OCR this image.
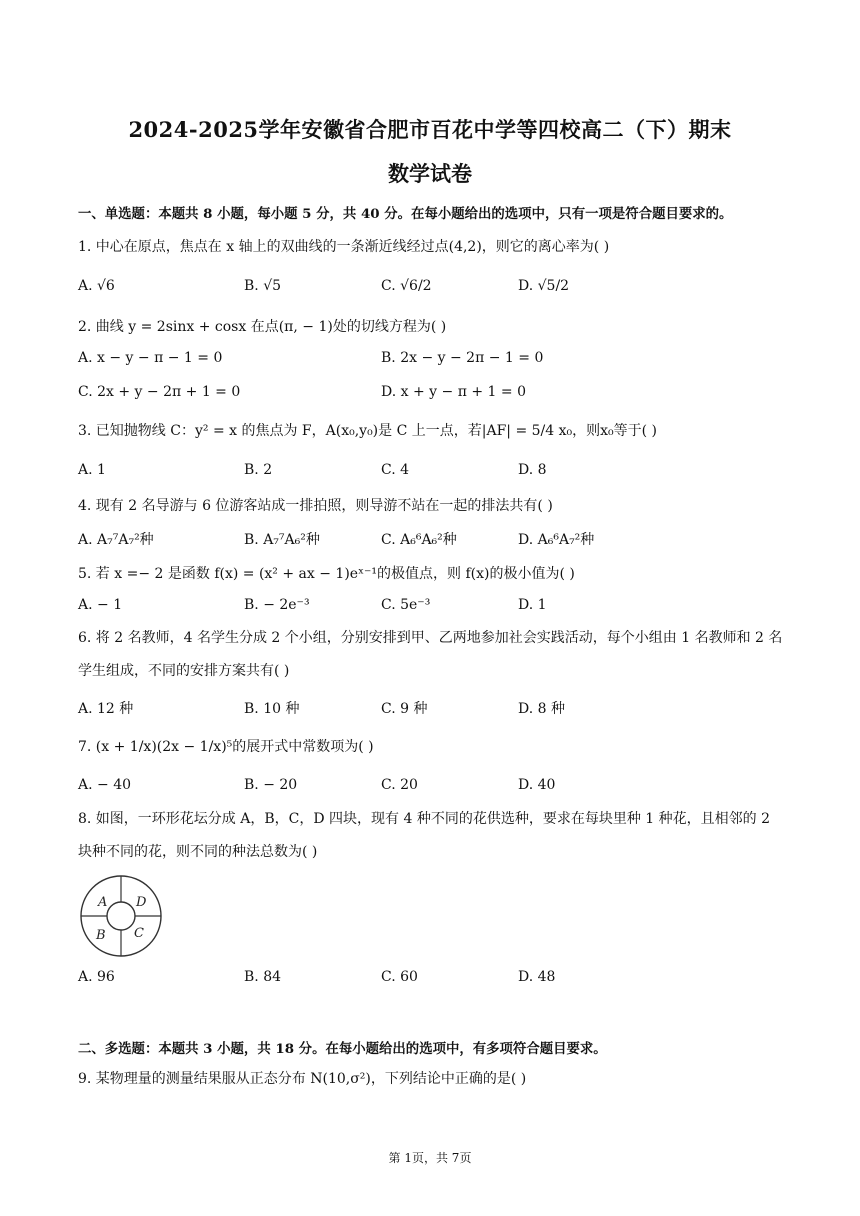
2024-2025学年安徽省合肥市百花中学等四校高二（下）期末
数学试卷
一、单选题：本题共 8 小题，每小题 5 分，共 40 分。在每小题给出的选项中，只有一项是符合题目要求的。
1. 中心在原点，焦点在 x 轴上的双曲线的一条渐近线经过点(4,2)，则它的离心率为( )
A. √6	B. √5	C. √6/2	D. √5/2
2. 曲线 y = 2sinx + cosx 在点(π, − 1)处的切线方程为( )
A. x − y − π − 1 = 0	B. 2x − y − 2π − 1 = 0
C. 2x + y − 2π + 1 = 0	D. x + y − π + 1 = 0
3. 已知抛物线 C：y² = x 的焦点为 F，A(x₀,y₀)是 C 上一点，若|AF| = 5/4 x₀，则x₀等于( )
A. 1	B. 2	C. 4	D. 8
4. 现有 2 名导游与 6 位游客站成一排拍照，则导游不站在一起的排法共有( )
A. A₇⁷A₇²种	B. A₇⁷A₆²种	C. A₆⁶A₆²种	D. A₆⁶A₇²种
5. 若 x =− 2 是函数 f(x) = (x² + ax − 1)eˣ⁻¹的极值点，则 f(x)的极小值为( )
A. − 1	B. − 2e⁻³	C. 5e⁻³	D. 1
6. 将 2 名教师，4 名学生分成 2 个小组，分别安排到甲、乙两地参加社会实践活动，每个小组由 1 名教师和 2 名学生组成，不同的安排方案共有( )
A. 12 种	B. 10 种	C. 9 种	D. 8 种
7. (x + 1/x)(2x − 1/x)⁵的展开式中常数项为( )
A. − 40	B. − 20	C. 20	D. 40
8. 如图，一环形花坛分成 A，B，C，D 四块，现有 4 种不同的花供选种，要求在每块里种 1 种花，且相邻的 2 块种不同的花，则不同的种法总数为( )
A D
B C
A. 96	B. 84	C. 60	D. 48
二、多选题：本题共 3 小题，共 18 分。在每小题给出的选项中，有多项符合题目要求。
9. 某物理量的测量结果服从正态分布 N(10,σ²)，下列结论中正确的是( )
第 1页，共 7页
